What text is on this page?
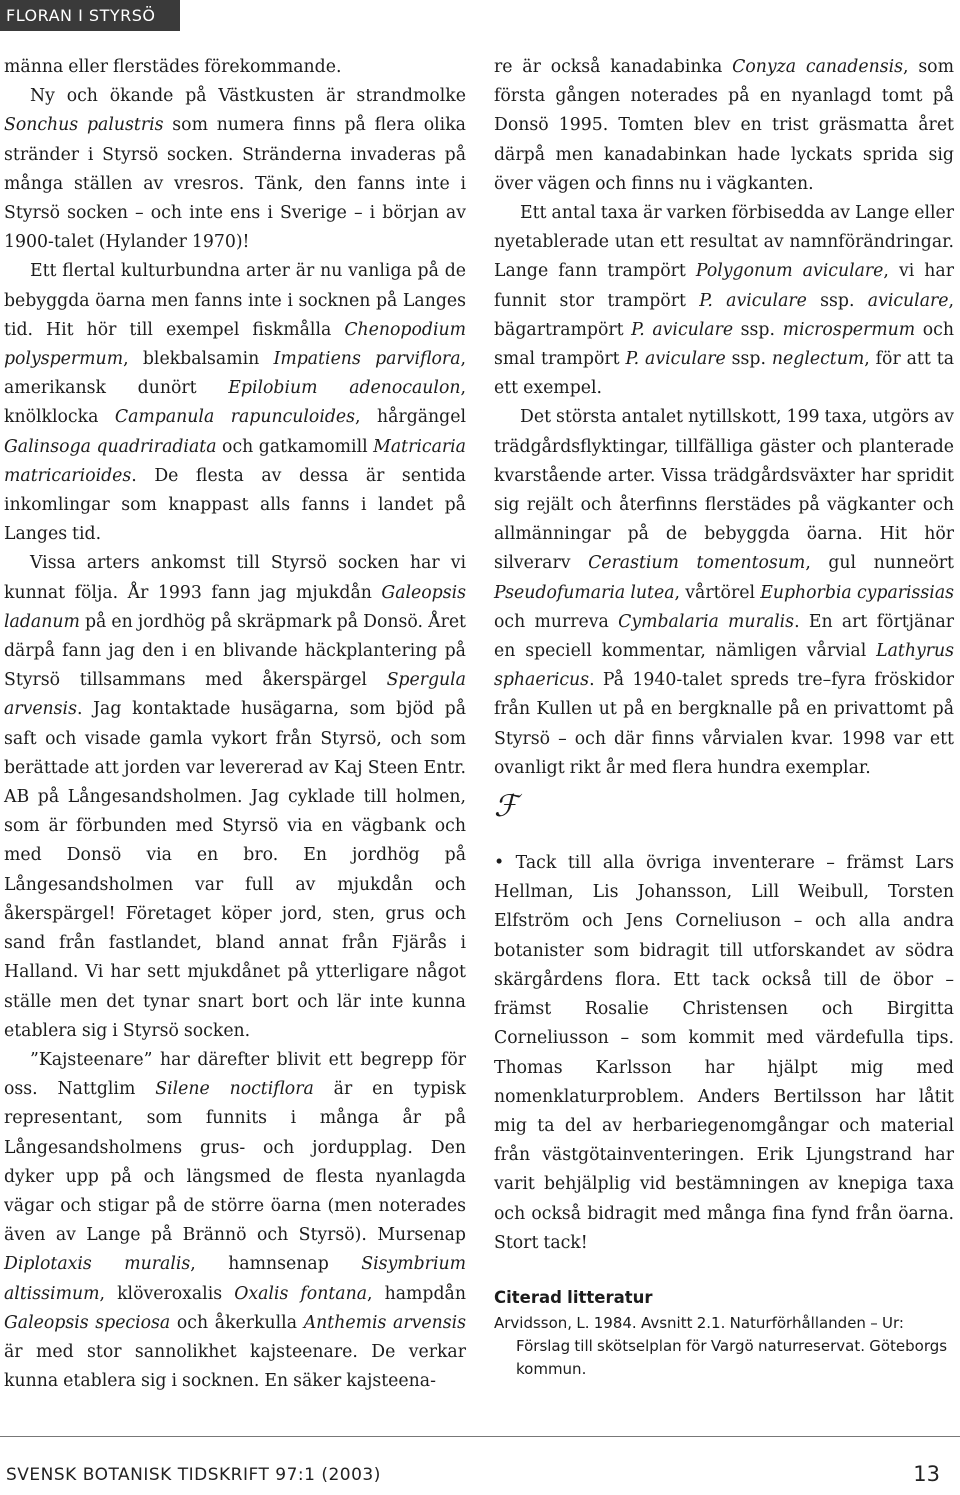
FLORAN I STYRSÖ

männa eller flerstädes förekommande.

Ny och ökande på Västkusten är strandmolke Sonchus palustris som numera finns på flera olika stränder i Styrsö socken. Stränderna invaderas på många ställen av vresros. Tänk, den fanns inte i Styrsö socken – och inte ens i Sverige – i början av 1900-talet (Hylander 1970)!

Ett flertal kulturbundna arter är nu vanliga på de bebyggda öarna men fanns inte i socknen på Langes tid. Hit hör till exempel fiskmålla Chenopodium polyspermum, blekbalsamin Impatiens parviflora, amerikansk dunört Epilobium adenocaulon, knölklocka Campanula rapunculoides, hårgängel Galinsoga quadriradiata och gatkamomill Matricaria matricarioides. De flesta av dessa är sentida inkomlingar som knappast alls fanns i landet på Langes tid.

Vissa arters ankomst till Styrsö socken har vi kunnat följa. År 1993 fann jag mjukdån Galeopsis ladanum på en jordhög på skräpmark på Donsö. Året därpå fann jag den i en blivande häckplantering på Styrsö tillsammans med åkerspärgel Spergula arvensis. Jag kontaktade husägarna, som bjöd på saft och visade gamla vykort från Styrsö, och som berättade att jorden var levererad av Kaj Steen Entr. AB på Långesandsholmen. Jag cyklade till holmen, som är förbunden med Styrsö via en vägbank och med Donsö via en bro. En jordhög på Långesandsholmen var full av mjukdån och åkerspärgel! Företaget köper jord, sten, grus och sand från fastlandet, bland annat från Fjärås i Halland. Vi har sett mjukdånet på ytterligare något ställe men det tynar snart bort och lär inte kunna etablera sig i Styrsö socken.

”Kajsteenare” har därefter blivit ett begrepp för oss. Nattglim Silene noctiflora är en typisk representant, som funnits i många år på Långesandsholmens grus- och jordupplag. Den dyker upp på och längsmed de flesta nyanlagda vägar och stigar på de större öarna (men noterades även av Lange på Brännö och Styrsö). Mursenap Diplotaxis muralis, hamnsenap Sisymbrium altissimum, klöveroxalis Oxalis fontana, hampdån Galeopsis speciosa och åkerkulla Anthemis arvensis är med stor sannolikhet kajsteenare. De verkar kunna etablera sig i socknen. En säker kajsteena-

re är också kanadabinka Conyza canadensis, som första gången noterades på en nyanlagd tomt på Donsö 1995. Tomten blev en trist gräsmatta året därpå men kanadabinkan hade lyckats sprida sig över vägen och finns nu i vägkanten.

Ett antal taxa är varken förbisedda av Lange eller nyetablerade utan ett resultat av namnförändringar. Lange fann trampört Polygonum aviculare, vi har funnit stor trampört P. aviculare ssp. aviculare, bägartrampört P. aviculare ssp. microspermum och smal trampört P. aviculare ssp. neglectum, för att ta ett exempel.

Det största antalet nytillskott, 199 taxa, utgörs av trädgårdsflyktingar, tillfälliga gäster och planterade kvarstående arter. Vissa trädgårdsväxter har spridit sig rejält och återfinns flerstädes på vägkanter och allmänningar på de bebyggda öarna. Hit hör silverarv Cerastium tomentosum, gul nunneört Pseudofumaria lutea, vårtörel Euphorbia cyparissias och murreva Cymbalaria muralis. En art förtjänar en speciell kommentar, nämligen vårvial Lathyrus sphaericus. På 1940-talet spreds tre–fyra fröskidor från Kullen ut på en bergknalle på en privattomt på Styrsö – och där finns vårvialen kvar. 1998 var ett ovanligt rikt år med flera hundra exemplar.

ℱ

• Tack till alla övriga inventerare – främst Lars Hellman, Lis Johansson, Lill Weibull, Torsten Elfström och Jens Corneliuson – och alla andra botanister som bidragit till utforskandet av södra skärgårdens flora. Ett tack också till de öbor – främst Rosalie Christensen och Birgitta Corneliusson – som kommit med värdefulla tips. Thomas Karlsson har hjälpt mig med nomenklaturproblem. Anders Bertilsson har låtit mig ta del av herbariegenomgångar och material från västgötainventeringen. Erik Ljungstrand har varit behjälplig vid bestämningen av knepiga taxa och också bidragit med många fina fynd från öarna. Stort tack!

Citerad litteratur
Arvidsson, L. 1984. Avsnitt 2.1. Naturförhållanden – Ur: Förslag till skötselplan för Vargö naturreservat. Göteborgs kommun.
SVENSK BOTANISK TIDSKRIFT 97:1 (2003)	13
